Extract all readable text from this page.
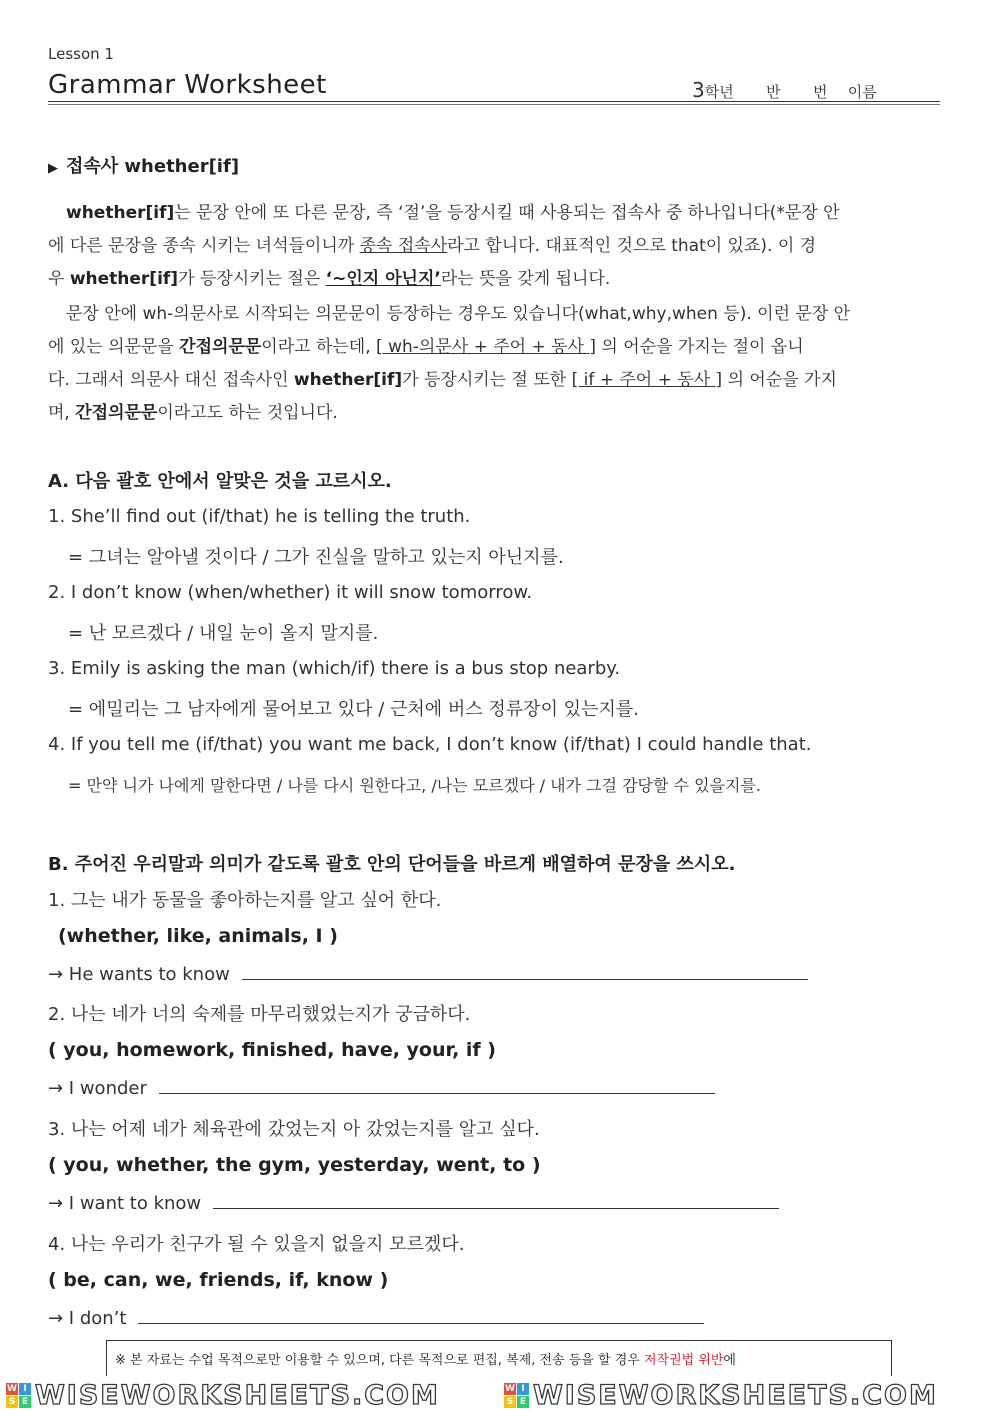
Lesson 1
Grammar Worksheet	3학년 반 번 이름
▶ 접속사 whether[if]
whether[if]는 문장 안에 또 다른 문장, 즉 ‘절’을 등장시킬 때 사용되는 접속사 중 하나입니다(*문장 안
에 다른 문장을 종속 시키는 녀석들이니까 종속 접속사라고 합니다. 대표적인 것으로 that이 있죠). 이 경
우 whether[if]가 등장시키는 절은 ‘~인지 아닌지’라는 뜻을 갖게 됩니다.
문장 안에 wh-의문사로 시작되는 의문문이 등장하는 경우도 있습니다(what,why,when 등). 이런 문장 안
에 있는 의문문을 간접의문문이라고 하는데, [ wh-의문사 + 주어 + 동사 ] 의 어순을 가지는 절이 옵니
다. 그래서 의문사 대신 접속사인 whether[if]가 등장시키는 절 또한 [ if + 주어 + 동사 ] 의 어순을 가지
며, 간접의문문이라고도 하는 것입니다.
A. 다음 괄호 안에서 알맞은 것을 고르시오.
1. She’ll find out (if/that) he is telling the truth.
= 그녀는 알아낼 것이다 / 그가 진실을 말하고 있는지 아닌지를.
2. I don’t know (when/whether) it will snow tomorrow.
= 난 모르겠다 / 내일 눈이 올지 말지를.
3. Emily is asking the man (which/if) there is a bus stop nearby.
= 에밀리는 그 남자에게 물어보고 있다 / 근처에 버스 정류장이 있는지를.
4. If you tell me (if/that) you want me back, I don’t know (if/that) I could handle that.
= 만약 니가 나에게 말한다면 / 나를 다시 원한다고, /나는 모르겠다 / 내가 그걸 감당할 수 있을지를.
B. 주어진 우리말과 의미가 같도록 괄호 안의 단어들을 바르게 배열하여 문장을 쓰시오.
1. 그는 내가 동물을 좋아하는지를 알고 싶어 한다.
(whether, like, animals, I )
→ He wants to know
2. 나는 네가 너의 숙제를 마무리했었는지가 궁금하다.
( you, homework, finished, have, your, if )
→ I wonder
3. 나는 어제 네가 체육관에 갔었는지 아 갔었는지를 알고 싶다.
( you, whether, the gym, yesterday, went, to )
→ I want to know
4. 나는 우리가 친구가 될 수 있을지 없을지 모르겠다.
( be, can, we, friends, if, know )
→ I don’t
※ 본 자료는 수업 목적으로만 이용할 수 있으며, 다른 목적으로 편집, 복제, 전송 등을 할 경우 저작권법 위반에
W I
S E WISEWORKSHEETS.COM	W I
S E WISEWORKSHEETS.COM
